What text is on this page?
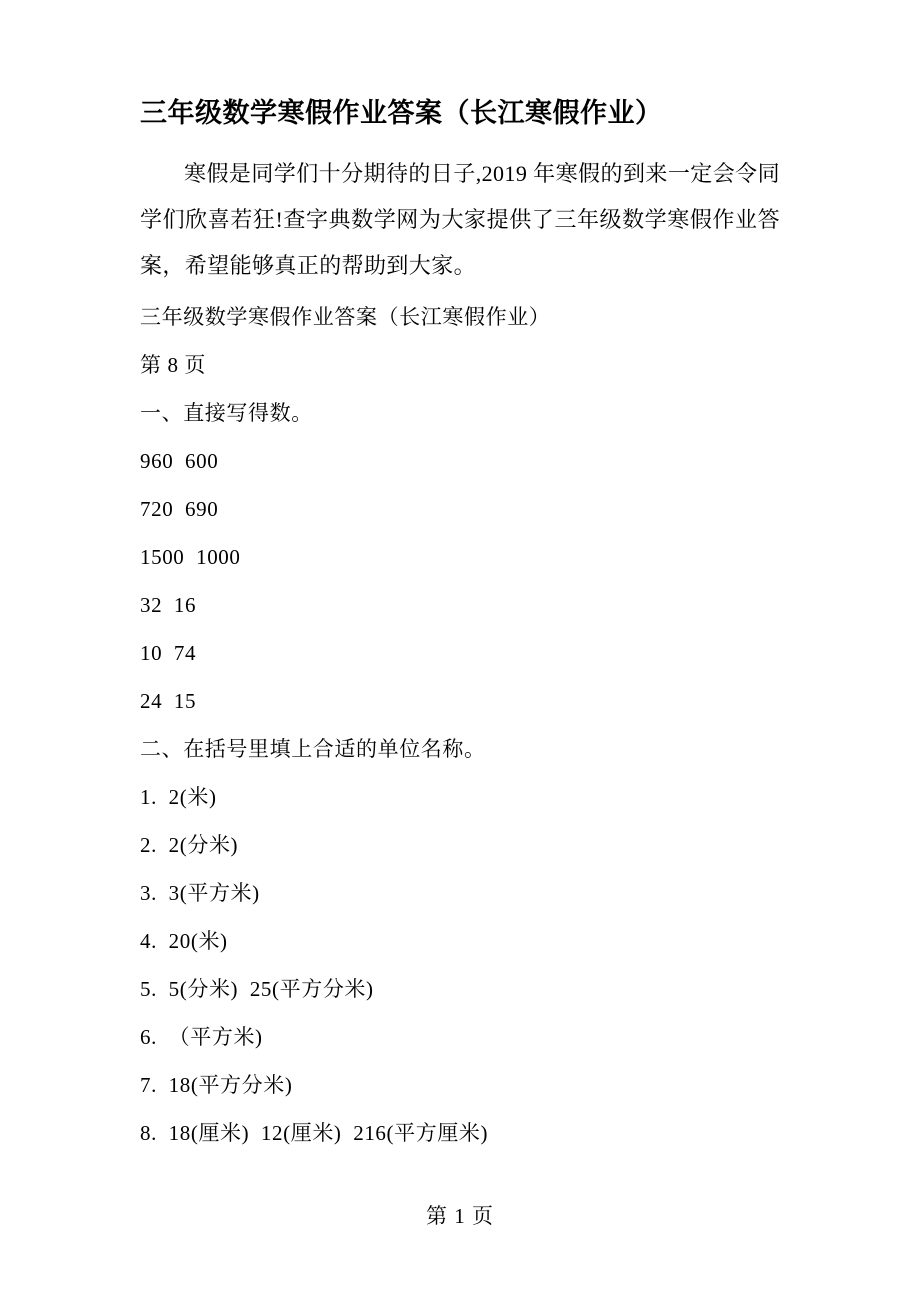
三年级数学寒假作业答案（长江寒假作业）

寒假是同学们十分期待的日子,2019 年寒假的到来一定会令同学们欣喜若狂!查字典数学网为大家提供了三年级数学寒假作业答案，希望能够真正的帮助到大家。

三年级数学寒假作业答案（长江寒假作业）

第 8 页

一、直接写得数。

960  600

720  690

1500  1000

32  16

10  74

24  15

二、在括号里填上合适的单位名称。

1.  2(米)

2.  2(分米)

3.  3(平方米)

4.  20(米)

5.  5(分米)  25(平方分米)

6.  （平方米)

7.  18(平方分米)

8.  18(厘米)  12(厘米)  216(平方厘米)

第 1 页
